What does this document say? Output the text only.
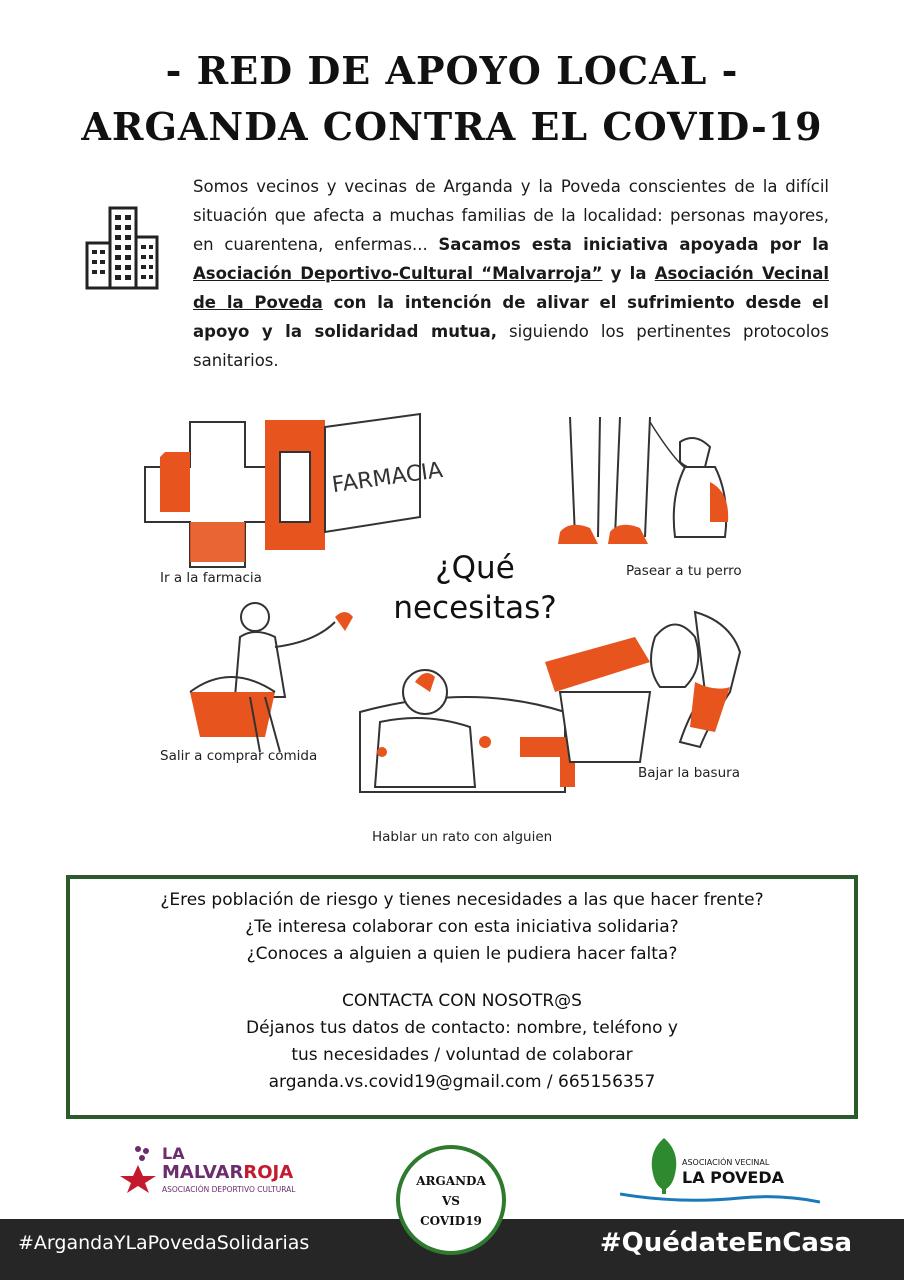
- RED DE APOYO LOCAL -
ARGANDA CONTRA EL COVID-19
Somos vecinos y vecinas de Arganda y la Poveda conscientes de la difícil situación que afecta a muchas familias de la localidad: personas mayores, en cuarentena, enfermas... Sacamos esta iniciativa apoyada por la Asociación Deportivo-Cultural “Malvarroja” y la Asociación Vecinal de la Poveda con la intención de alivar el sufrimiento desde el apoyo y la solidaridad mutua, siguiendo los pertinentes protocolos sanitarios.
FARMACIA
¿Qué
necesitas?
Ir a la farmacia	Pasear a tu perro
Salir a comprar comida
Bajar la basura
Hablar un rato con alguien

¿Eres población de riesgo y tienes necesidades a las que hacer frente?

¿Te interesa colaborar con esta iniciativa solidaria?

¿Conoces a alguien a quien le pudiera hacer falta?

CONTACTA CON NOSOTR@S

Déjanos tus datos de contacto: nombre, teléfono y

tus necesidades / voluntad de colaborar

arganda.vs.covid19@gmail.com / 665156357

LA
MALVARROJA
ASOCIACIÓN DEPORTIVO CULTURAL
ASOCIACIÓN VECINAL
LA POVEDA
#ArgandaYLaPovedaSolidarias	#QuédateEnCasa
ARGANDA
VS
COVID19
